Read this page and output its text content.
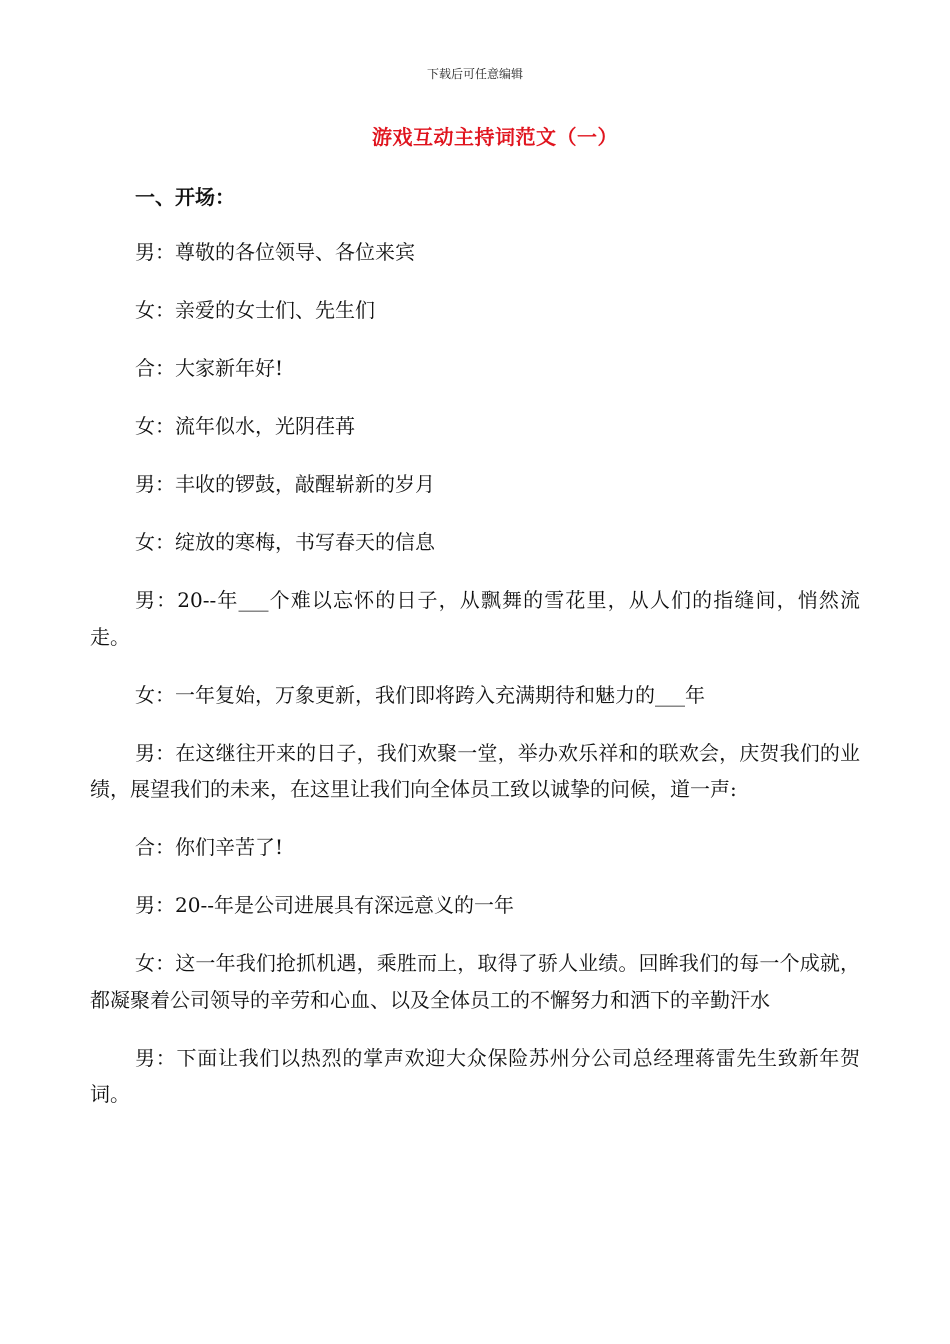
下载后可任意编辑
游戏互动主持词范文（一）
一、开场：

男：尊敬的各位领导、各位来宾

女：亲爱的女士们、先生们

合：大家新年好!

女：流年似水，光阴荏苒

男：丰收的锣鼓，敲醒崭新的岁月

女：绽放的寒梅，书写春天的信息

男：20--年___个难以忘怀的日子，从飘舞的雪花里，从人们的指缝间，悄然流走。

女：一年复始，万象更新，我们即将跨入充满期待和魅力的___年

男：在这继往开来的日子，我们欢聚一堂，举办欢乐祥和的联欢会，庆贺我们的业绩，展望我们的未来，在这里让我们向全体员工致以诚挚的问候，道一声:

合：你们辛苦了!

男：20--年是公司进展具有深远意义的一年

女：这一年我们抢抓机遇，乘胜而上，取得了骄人业绩。回眸我们的每一个成就，都凝聚着公司领导的辛劳和心血、以及全体员工的不懈努力和洒下的辛勤汗水

男：下面让我们以热烈的掌声欢迎大众保险苏州分公司总经理蒋雷先生致新年贺词。
